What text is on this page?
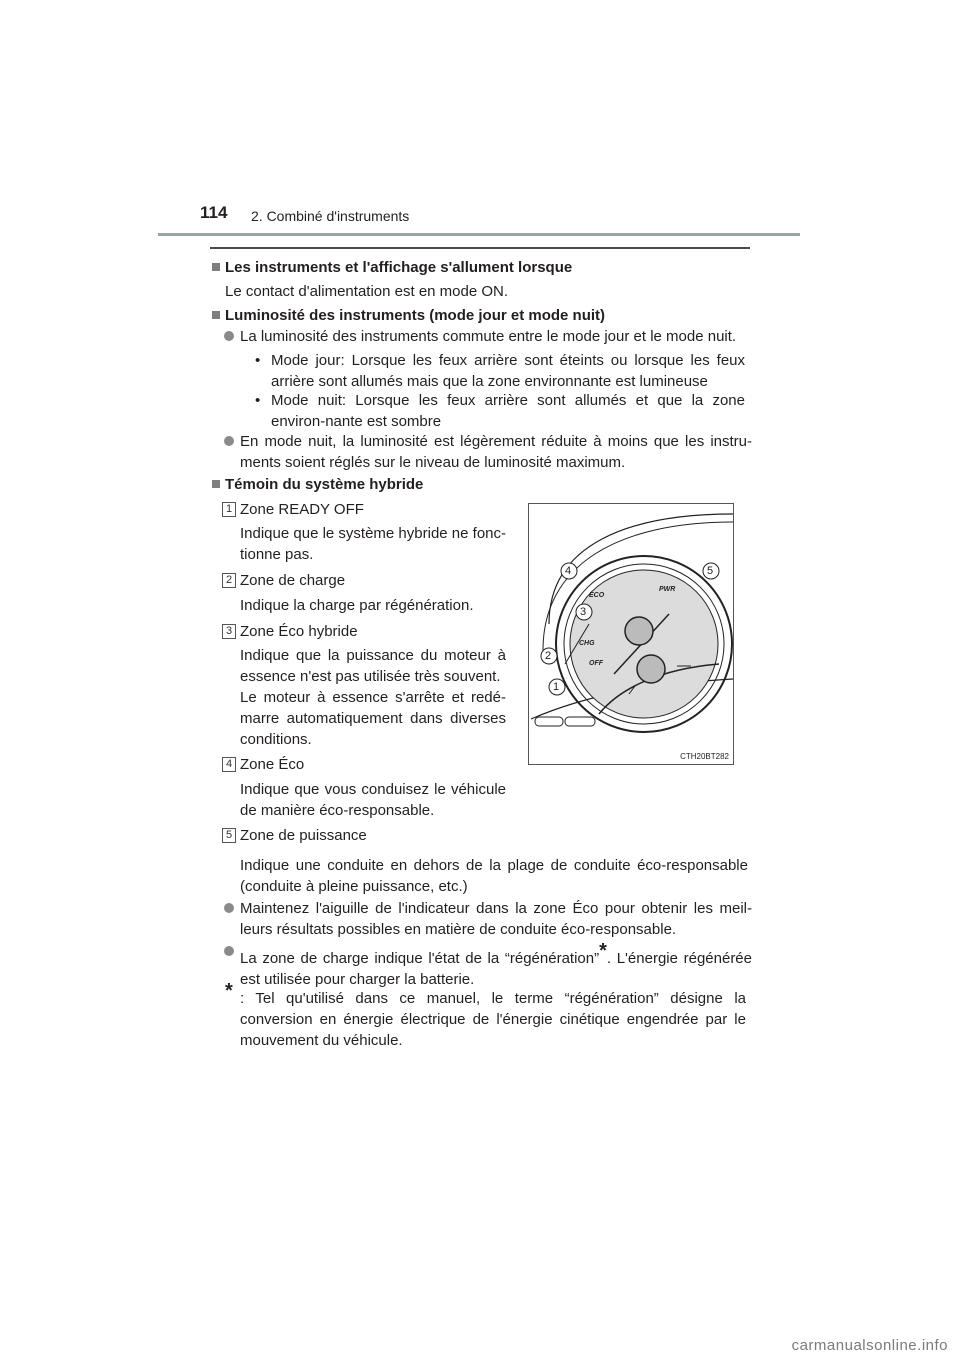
114 2. Combiné d'instruments
Les instruments et l'affichage s'allument lorsque
Le contact d'alimentation est en mode ON.
Luminosité des instruments (mode jour et mode nuit)
La luminosité des instruments commute entre le mode jour et le mode nuit.
• Mode jour: Lorsque les feux arrière sont éteints ou lorsque les feux arrière sont allumés mais que la zone environnante est lumineuse
• Mode nuit: Lorsque les feux arrière sont allumés et que la zone environ-nante est sombre
En mode nuit, la luminosité est légèrement réduite à moins que les instru-ments soient réglés sur le niveau de luminosité maximum.
Témoin du système hybride
1 Zone READY OFF
Indique que le système hybride ne fonc-tionne pas.
2 Zone de charge
Indique la charge par régénération.
3 Zone Éco hybride
Indique que la puissance du moteur à essence n'est pas utilisée très souvent.
Le moteur à essence s'arrête et redé-marre automatiquement dans diverses conditions.
4 Zone Éco
Indique que vous conduisez le véhicule de manière éco-responsable.
5 Zone de puissance
Indique une conduite en dehors de la plage de conduite éco-responsable (conduite à pleine puissance, etc.)
Maintenez l'aiguille de l'indicateur dans la zone Éco pour obtenir les meil-leurs résultats possibles en matière de conduite éco-responsable.
La zone de charge indique l'état de la “régénération”*. L'énergie régénérée est utilisée pour charger la batterie.
* : Tel qu'utilisé dans ce manuel, le terme “régénération” désigne la conversion en énergie électrique de l'énergie cinétique engendrée par le mouvement du véhicule.
PWR
ECO
CHG
OFF
4	5
3
2
1
CTH20BT282
carmanualsonline.info
